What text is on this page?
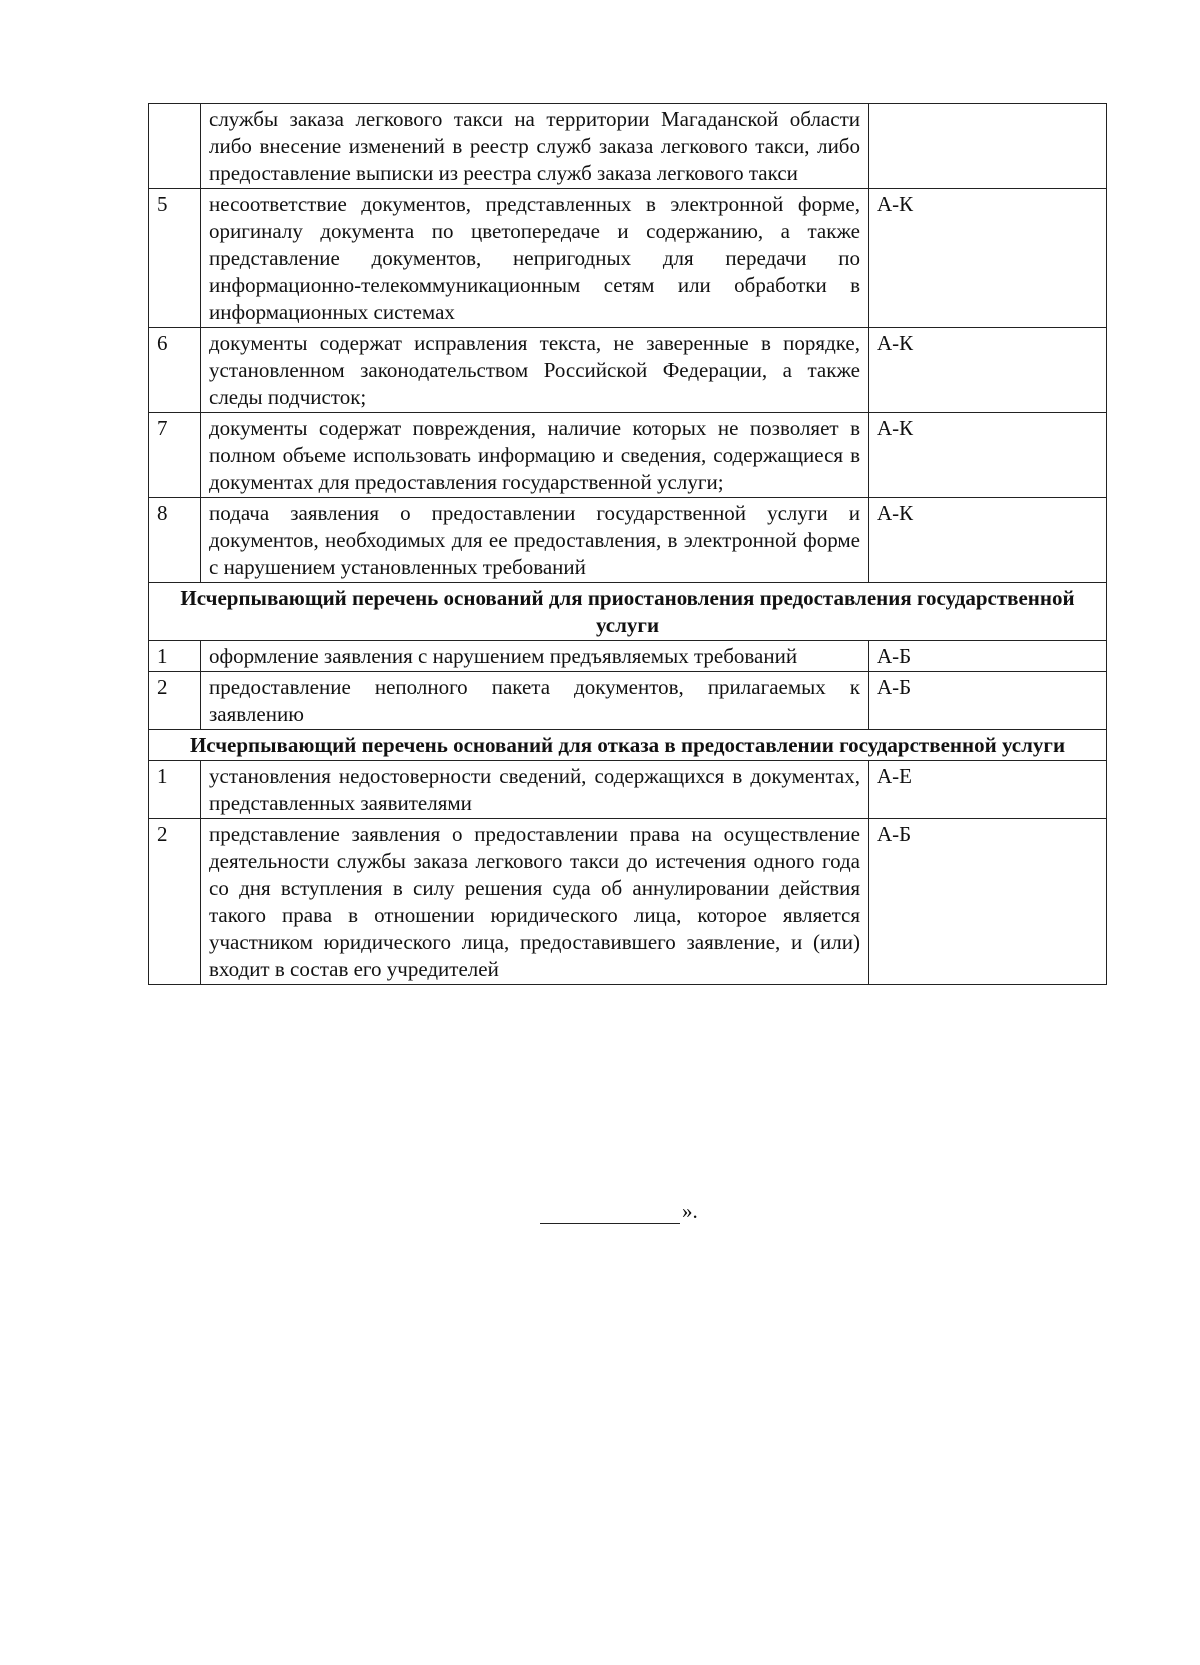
	службы заказа легкового такси на территории Магаданской области либо внесение изменений в реестр служб заказа легкового такси, либо предоставление выписки из реестра служб заказа легкового такси	
5	несоответствие документов, представленных в электронной форме, оригиналу документа по цветопередаче и содержанию, а также представление документов, непригодных для передачи по информационно-телекоммуникационным сетям или обработки в информационных системах	А-К
6	документы содержат исправления текста, не заверенные в порядке, установленном законодательством Российской Федерации, а также следы подчисток;	А-К
7	документы содержат повреждения, наличие которых не позволяет в полном объеме использовать информацию и сведения, содержащиеся в документах для предоставления государственной услуги;	А-К
8	подача заявления о предоставлении государственной услуги и документов, необходимых для ее предоставления, в электронной форме с нарушением установленных требований	А-К
Исчерпывающий перечень оснований для приостановления предоставления государственной услуги		
1	оформление заявления с нарушением предъявляемых требований	А-Б
2	предоставление неполного пакета документов, прилагаемых к заявлению	А-Б
Исчерпывающий перечень оснований для отказа в предоставлении государственной услуги		
1	установления недостоверности сведений, содержащихся в документах, представленных заявителями	А-Е
2	представление заявления о предоставлении права на осуществление деятельности службы заказа легкового такси до истечения одного года со дня вступления в силу решения суда об аннулировании действия такого права в отношении юридического лица, которое является участником юридического лица, предоставившего заявление, и (или) входит в состав его учредителей	А-Б
».
